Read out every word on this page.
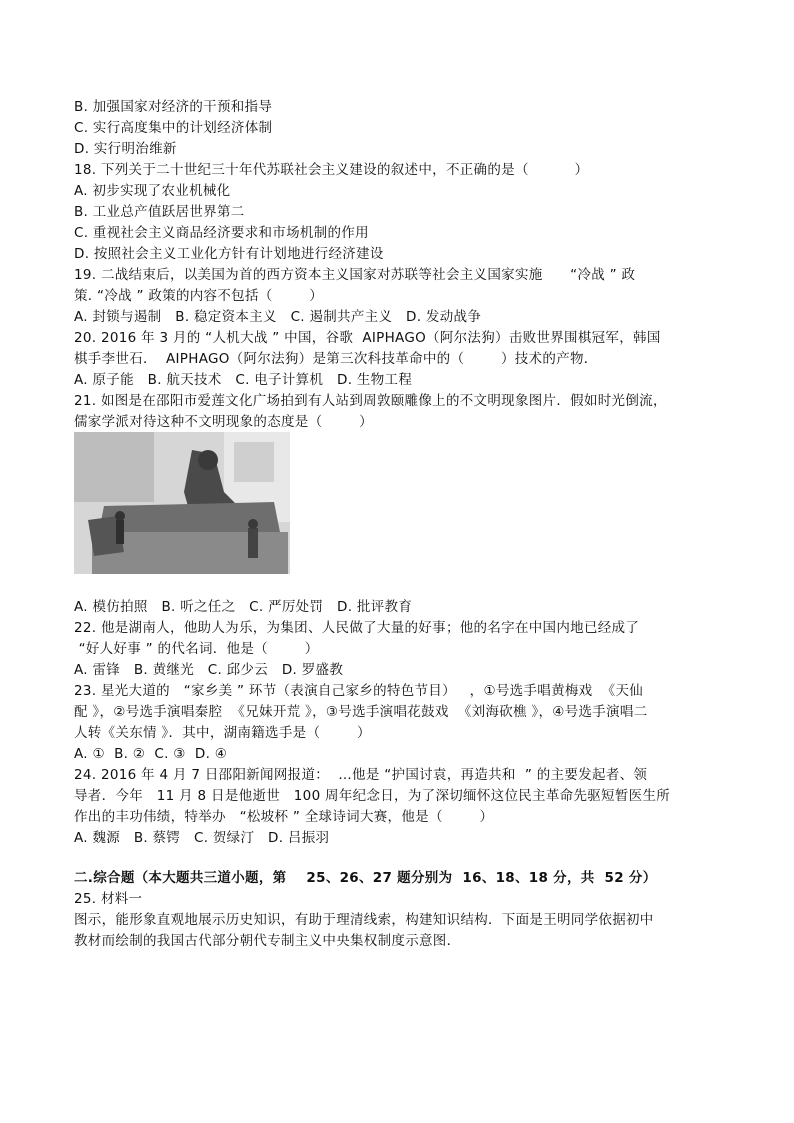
B. 加强国家对经济的干预和指导
C. 实行高度集中的计划经济体制
D. 实行明治维新
18. 下列关于二十世纪三十年代苏联社会主义建设的叙述中，不正确的是（          ）
A. 初步实现了农业机械化
B. 工业总产值跃居世界第二
C. 重视社会主义商品经济要求和市场机制的作用
D. 按照社会主义工业化方针有计划地进行经济建设
19. 二战结束后，以美国为首的西方资本主义国家对苏联等社会主义国家实施      “冷战 ” 政
策. “冷战 ” 政策的内容不包括（        ）
A. 封锁与遏制   B. 稳定资本主义   C. 遏制共产主义   D. 发动战争
20. 2016 年 3 月的 “人机大战 ” 中国，谷歌  AIPHAGO（阿尔法狗）击败世界围棋冠军，韩国
棋手李世石．  AIPHAGO（阿尔法狗）是第三次科技革命中的（        ）技术的产物．
A. 原子能   B. 航天技术   C. 电子计算机   D. 生物工程
21. 如图是在邵阳市爱莲文化广场拍到有人站到周敦颐雕像上的不文明现象图片．假如时光倒流，
儒家学派对待这种不文明现象的态度是（        ）
A. 模仿拍照   B. 听之任之   C. 严厉处罚   D. 批评教育
22. 他是湖南人，他助人为乐，为集团、人民做了大量的好事；他的名字在中国内地已经成了
“好人好事 ” 的代名词．他是（        ）
A. 雷锋   B. 黄继光   C. 邱少云   D. 罗盛教
23. 星光大道的   “家乡美 ” 环节（表演自己家乡的特色节目）   ，①号选手唱黄梅戏  《天仙
配 》，②号选手演唱秦腔  《兄妹开荒 》，③号选手演唱花鼓戏  《刘海砍樵 》，④号选手演唱二
人转《关东情 》．其中，湖南籍选手是（        ）
A. ①  B. ②  C. ③  D. ④
24. 2016 年 4 月 7 日邵阳新闻网报道：  …他是 “护国讨袁，再造共和  ” 的主要发起者、领
导者．今年   11 月 8 日是他逝世   100 周年纪念日，为了深切缅怀这位民主革命先驱短暂医生所
作出的丰功伟绩，特举办   “松坡杯 ” 全球诗词大赛，他是（        ）
A. 魏源   B. 蔡锷   C. 贺绿汀   D. 吕振羽
二.综合题（本大题共三道小题，第    25、26、27 题分别为  16、18、18 分，共  52 分）
25. 材料一
图示，能形象直观地展示历史知识，有助于理清线索，构建知识结构．下面是王明同学依据初中
教材而绘制的我国古代部分朝代专制主义中央集权制度示意图．
